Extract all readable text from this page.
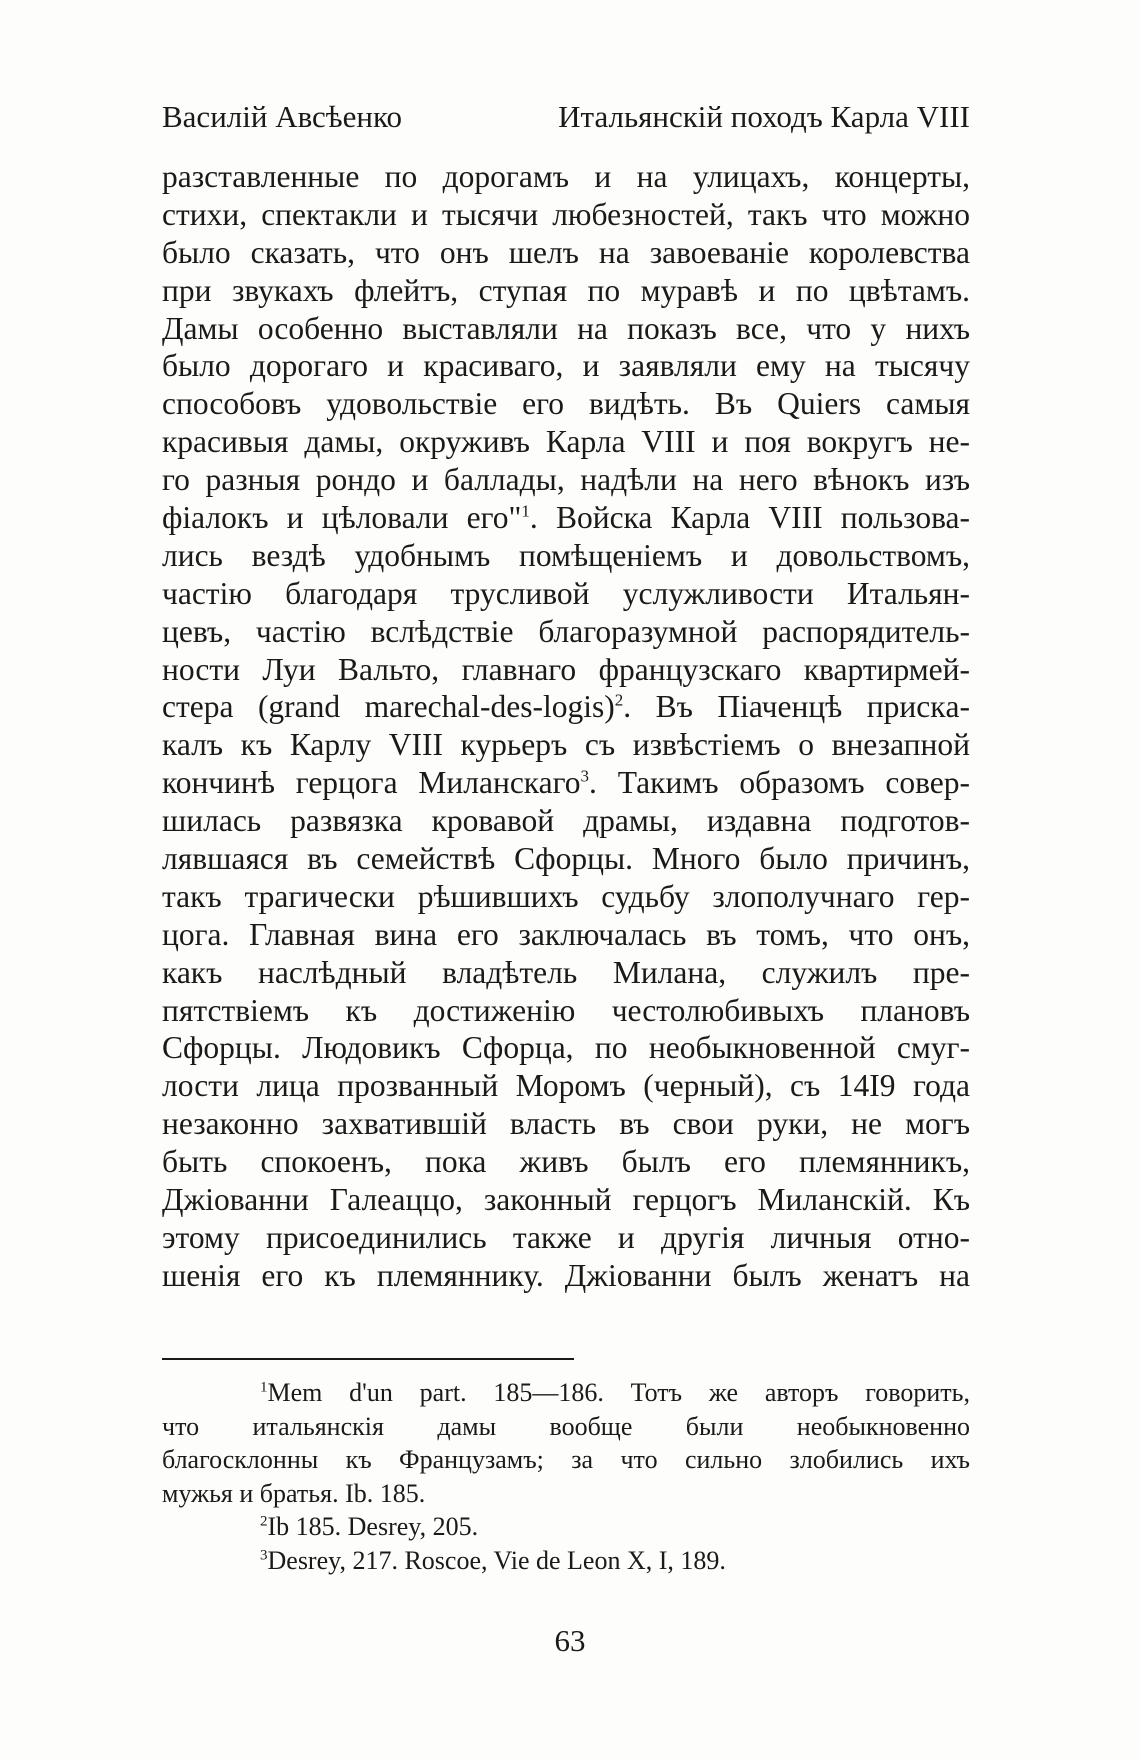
Василій Авсѣенко	Итальянскій походъ Карла VIII
разставленные по дорогамъ и на улицахъ, концерты,
стихи, спектакли и тысячи любезностей, такъ что можно
было сказать, что онъ шелъ на завоеваніе королевства
при звукахъ флейтъ, ступая по муравѣ и по цвѣтамъ.
Дамы особенно выставляли на показъ все, что у нихъ
было дорогаго и красиваго, и заявляли ему на тысячу
способовъ удовольствіе его видѣть. Въ Quiers самыя
красивыя дамы, окруживъ Карла VIII и поя вокругъ не-
го разныя рондо и баллады, надѣли на него вѣнокъ изъ
фіалокъ и цѣловали его"$^1$. Войска Карла VIII пользова-
лись вездѣ удобнымъ помѣщеніемъ и довольствомъ,
частію благодаря трусливой услужливости Итальян-
цевъ, частію вслѣдствіе благоразумной распорядитель-
ности Луи Вальто, главнаго французскаго квартирмей-
стера (grand marechal-des-logis)$^2$. Въ Піаченцѣ прискa-
калъ къ Карлу VIII курьеръ съ извѣстіемъ о внезапной
кончинѣ герцога Миланскаго$^3$. Такимъ образомъ совер-
шилась развязка кровавой драмы, издавна подготов-
лявшаяся въ семействѣ Сфорцы. Много было причинъ,
такъ трагически рѣшившихъ судьбу злополучнаго гер-
цога. Главная вина его заключалась въ томъ, что онъ,
какъ наслѣдный владѣтель Милана, служилъ пре-
пятствіемъ къ достиженію честолюбивыхъ плановъ
Сфорцы. Людовикъ Сфорца, по необыкновенной смуг-
лости лица прозванный Моромъ (черный), съ 14I9 года
незаконно захватившій власть въ свои руки, не могъ
быть спокоенъ, пока живъ былъ его племянникъ,
Джіованни Галеаццо, законный герцогъ Миланскій. Къ
этому присоединились также и другія личныя отно-
шенія его къ племяннику. Джіованни былъ женатъ на
$^1$Mem d'un part. 185—186. Тотъ же авторъ говорить,
что итальянскія дамы вообще были необыкновенно
благосклонны къ Французамъ; за что сильно злобились ихъ
мужья и братья. Ib. 185.
$^2$Ib 185. Desrey, 205.
$^3$Desrey, 217. Roscoe, Vie de Leon X, I, 189.
63
